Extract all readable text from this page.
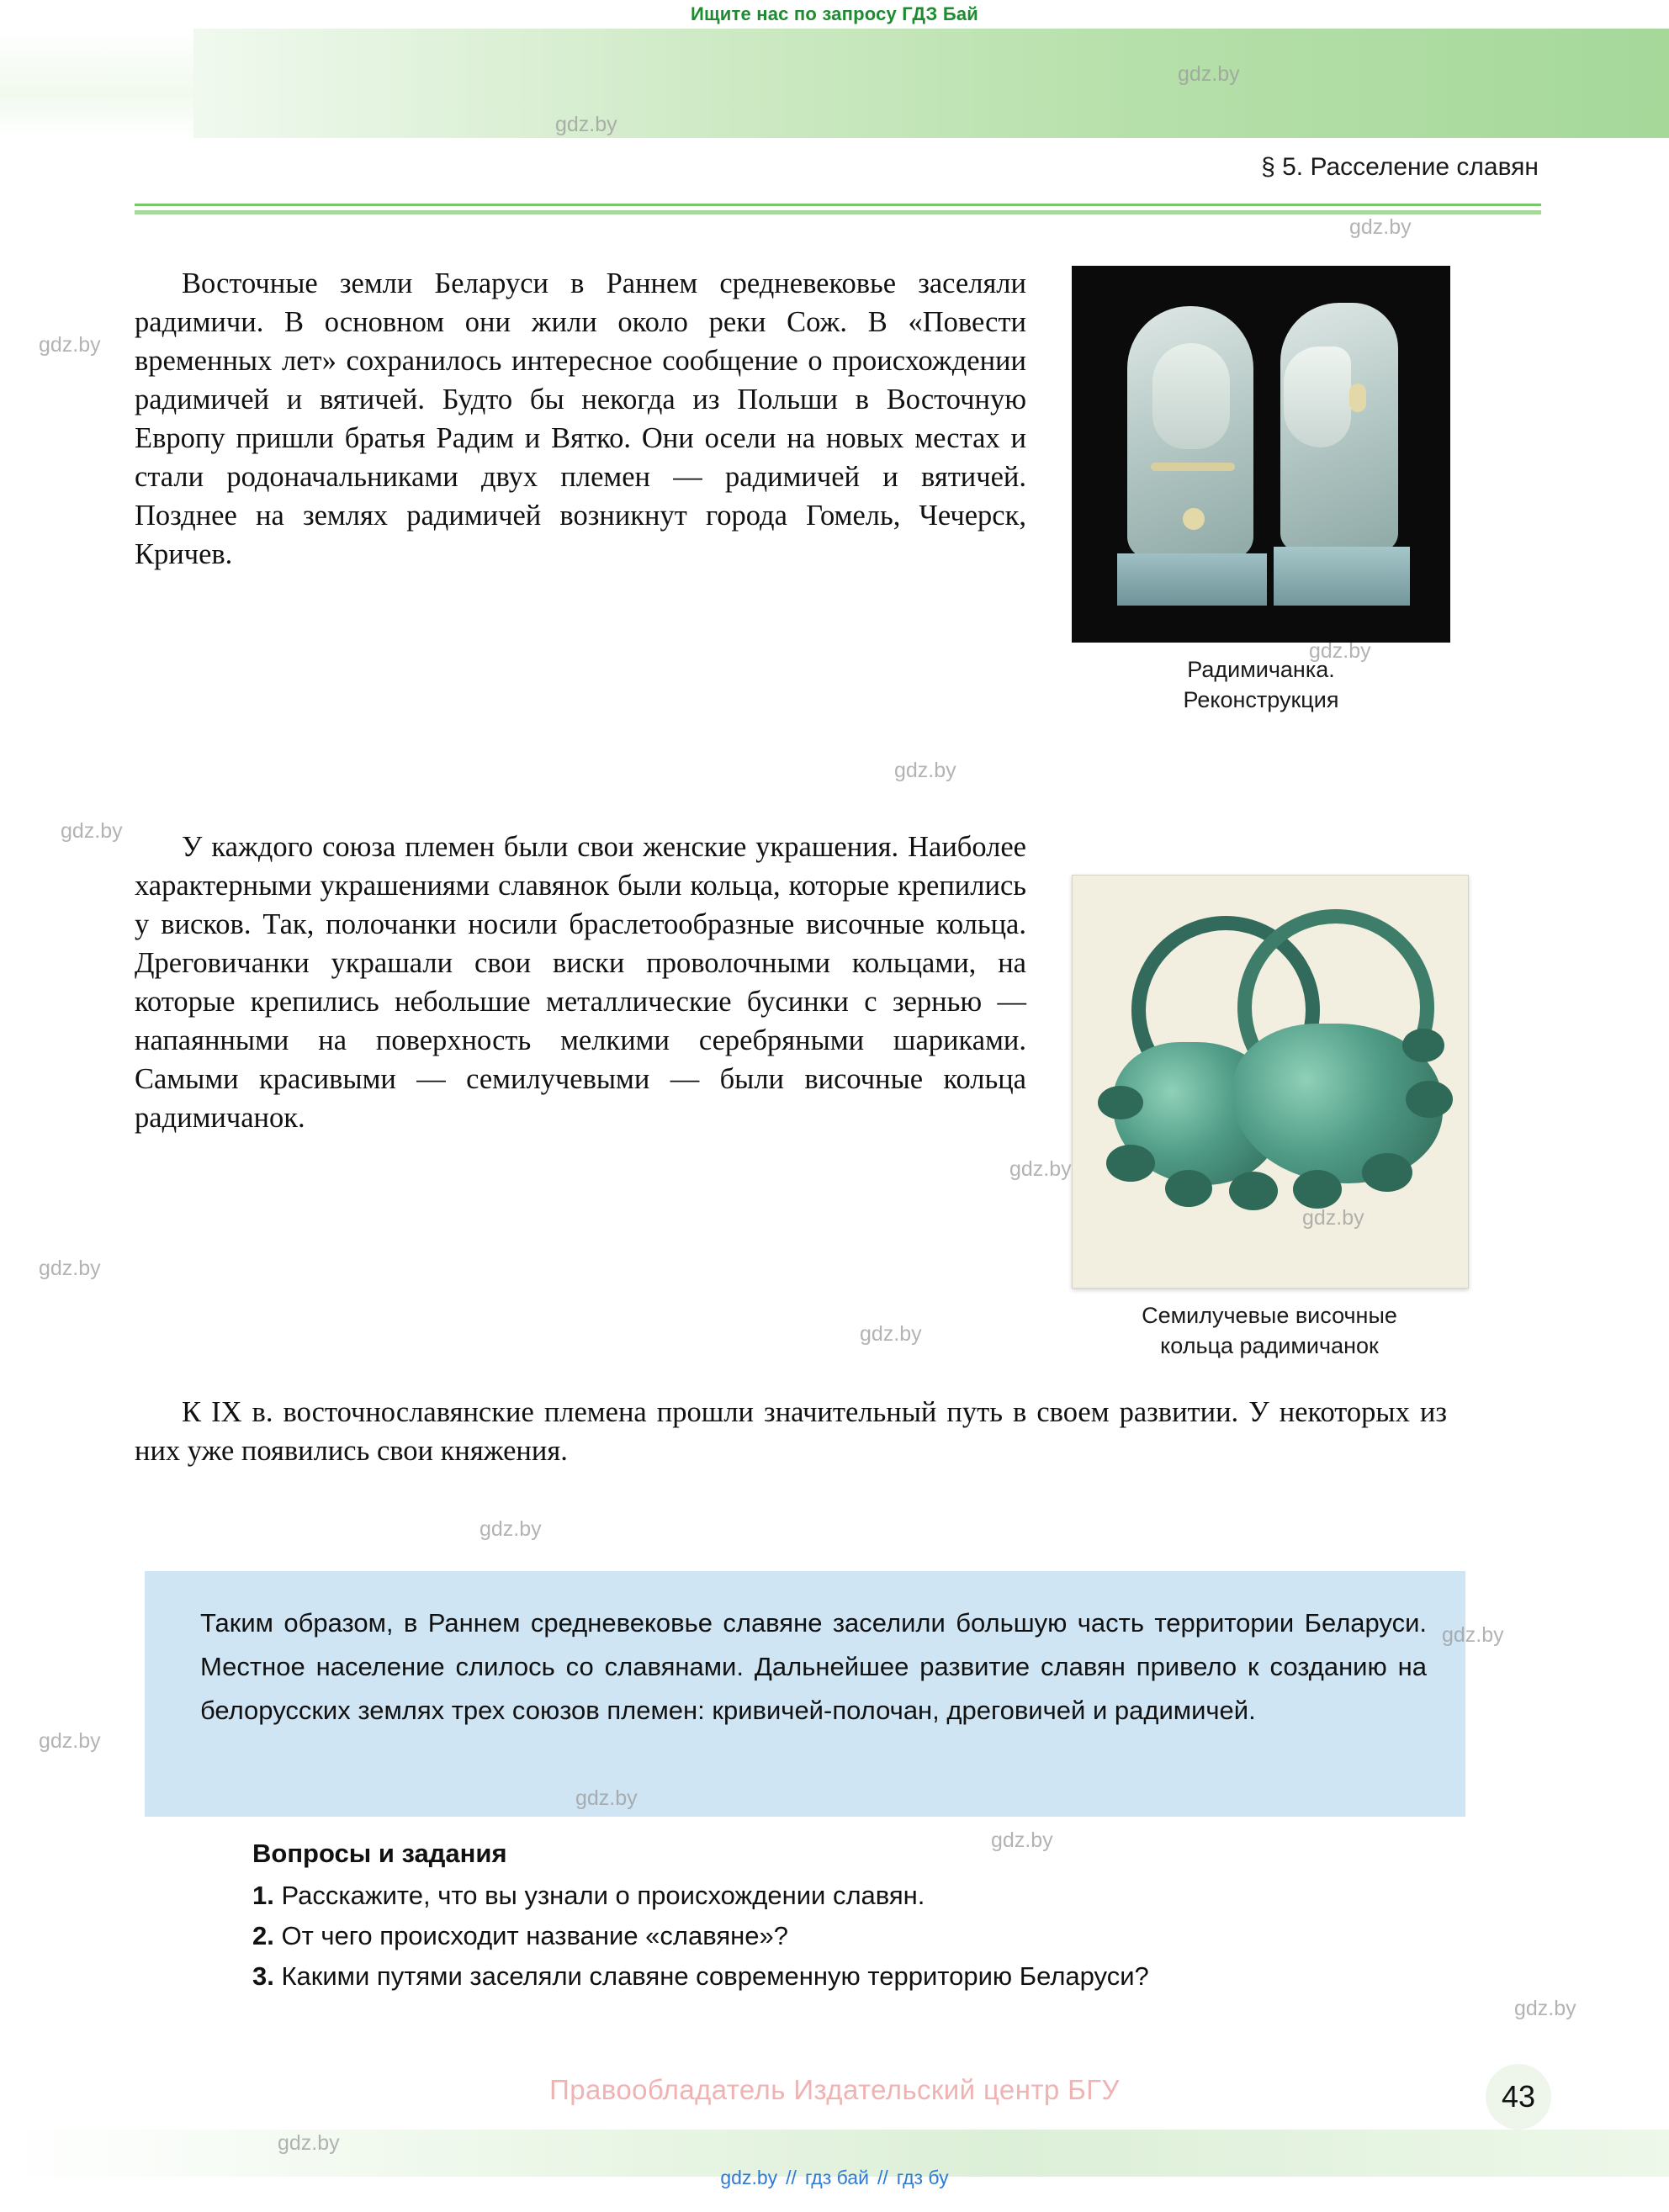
Ищите нас по запросу ГДЗ Бай
§ 5. Расселение славян

Восточные земли Беларуси в Раннем средневековье заселяли радимичи. В основном они жили около реки Сож. В «Повести временных лет» сохранилось интересное сообщение о происхождении радимичей и вятичей. Будто бы некогда из Польши в Восточную Европу пришли братья Радим и Вятко. Они осели на новых местах и стали родоначальниками двух племен — радимичей и вятичей. Позднее на землях радимичей возникнут города Гомель, Чечерск, Кричев.

У каждого союза племен были свои женские украшения. Наиболее характерными украшениями славянок были кольца, которые крепились у висков. Так, полочанки носили браслетообразные височные кольца. Дреговичанки украшали свои виски проволочными кольцами, на которые крепились небольшие металлические бусинки с зернью — напаянными на поверхность мелкими серебряными шариками. Самыми красивыми — семилучевыми — были височные кольца радимичанок.

К IX в. восточнославянские племена прошли значительный путь в своем развитии. У некоторых из них уже появились свои княжения.
Радимичанка.
Реконструкция
Семилучевые височные
кольца радимичанок
Таким образом, в Раннем средневековье славяне заселили большую часть территории Беларуси. Местное население слилось со славянами. Дальнейшее развитие славян привело к созданию на белорусских землях трех союзов племен: кривичей-полочан, дреговичей и радимичей.
Вопросы и задания
1. Расскажите, что вы узнали о происхождении славян.
2. От чего происходит название «славяне»?
3. Какими путями заселяли славяне современную территорию Беларуси?
Правообладатель Издательский центр БГУ	43
gdz.by
gdz.by
gdz.by
gdz.by
gdz.by
gdz.by
gdz.by
gdz.by
gdz.by
gdz.by
gdz.by
gdz.by
gdz.by
gdz.by
gdz.by
gdz.by
gdz.by
gdz.by
gdz.by // гдз бай // гдз бу
